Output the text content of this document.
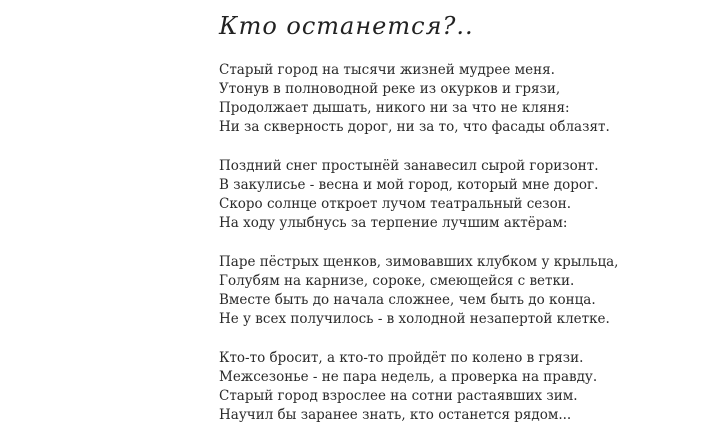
Кто останется?..
Старый город на тысячи жизней мудрее меня.
Утонув в полноводной реке из окурков и грязи,
Продолжает дышать, никого ни за что не кляня:
Ни за скверность дорог, ни за то, что фасады облазят.
Поздний снег простынёй занавесил сырой горизонт.
В закулисье - весна и мой город, который мне дорог.
Скоро солнце откроет лучом театральный сезон.
На ходу улыбнусь за терпение лучшим актёрам:
Паре пёстрых щенков, зимовавших клубком у крыльца,
Голубям на карнизе, сороке, смеющейся с ветки.
Вместе быть до начала сложнее, чем быть до конца.
Не у всех получилось - в холодной незапертой клетке.
Кто-то бросит, а кто-то пройдёт по колено в грязи.
Межсезонье - не пара недель, а проверка на правду.
Старый город взрослее на сотни растаявших зим.
Научил бы заранее знать, кто останется рядом...
